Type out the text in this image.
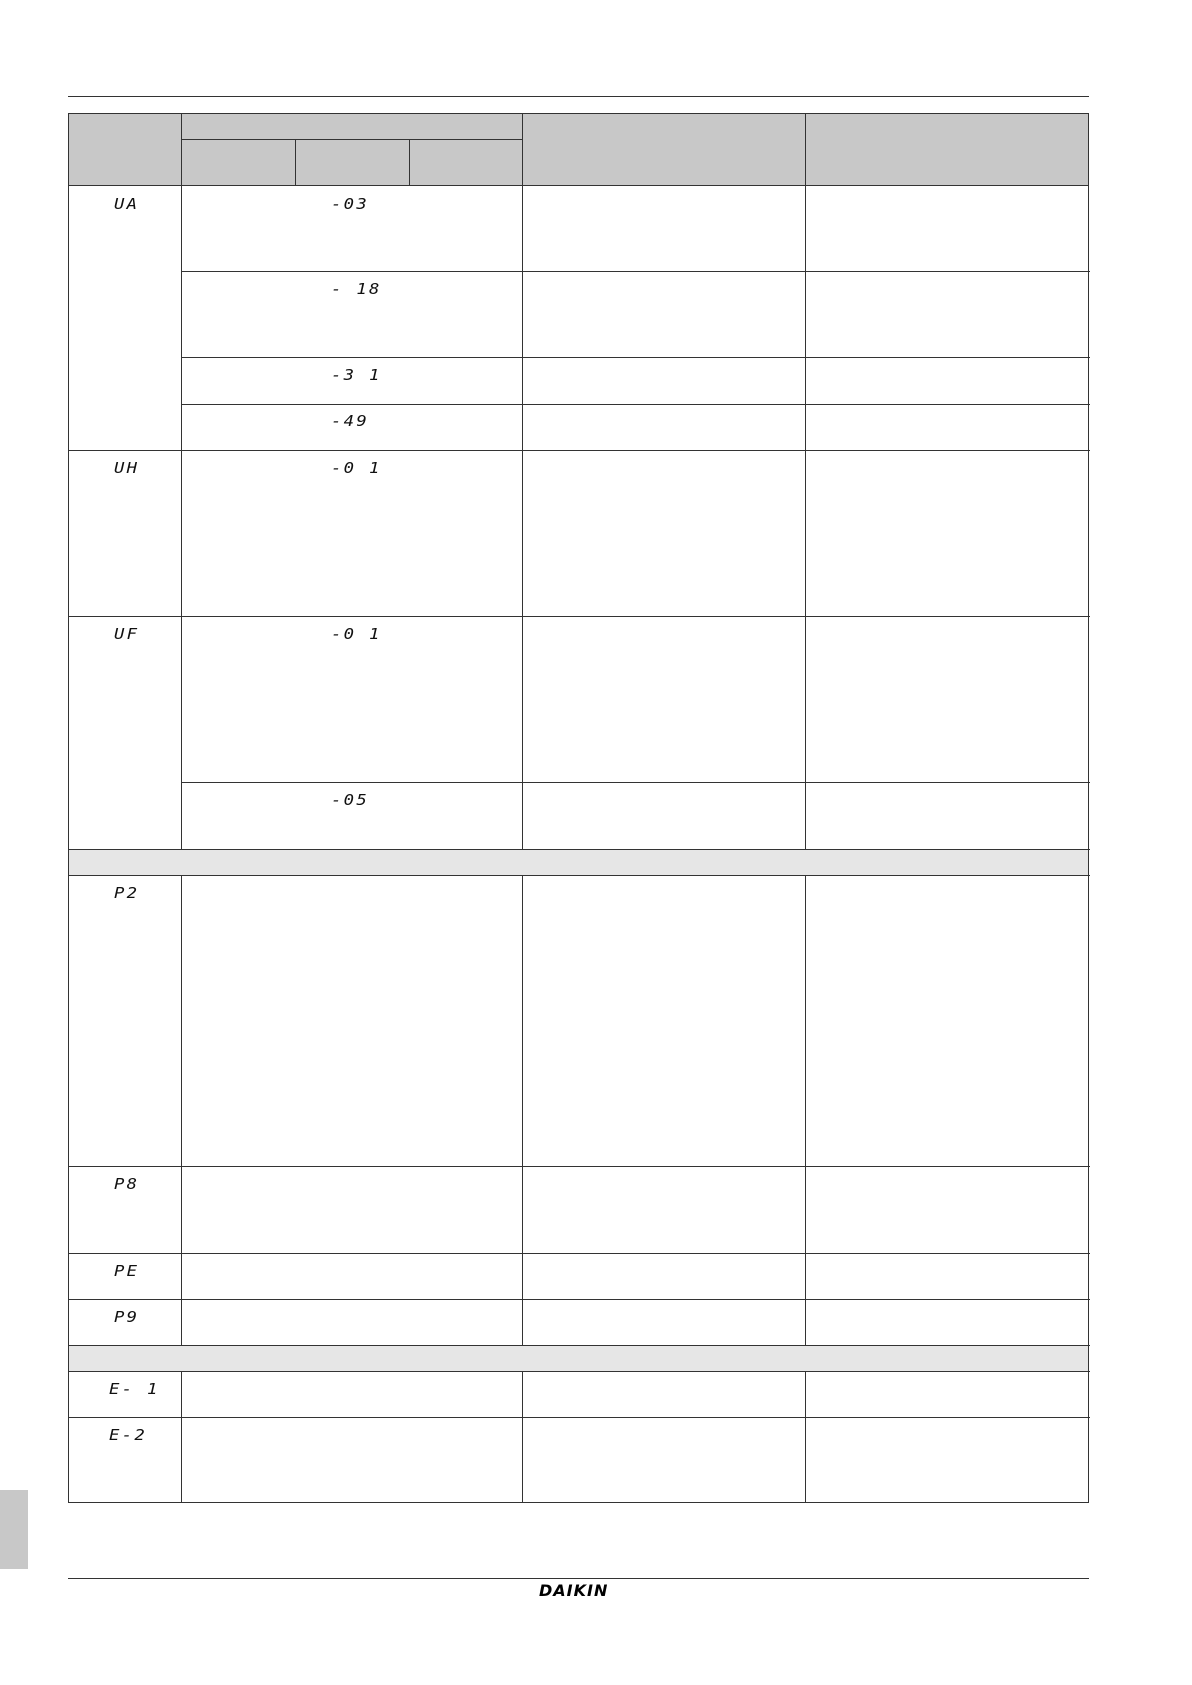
UA
UH
UF
P2
P8
PE
P9
E- 1
E-2
-03
- 18
-3 1
-49
-0 1
-0 1
-05
DAIKIN
